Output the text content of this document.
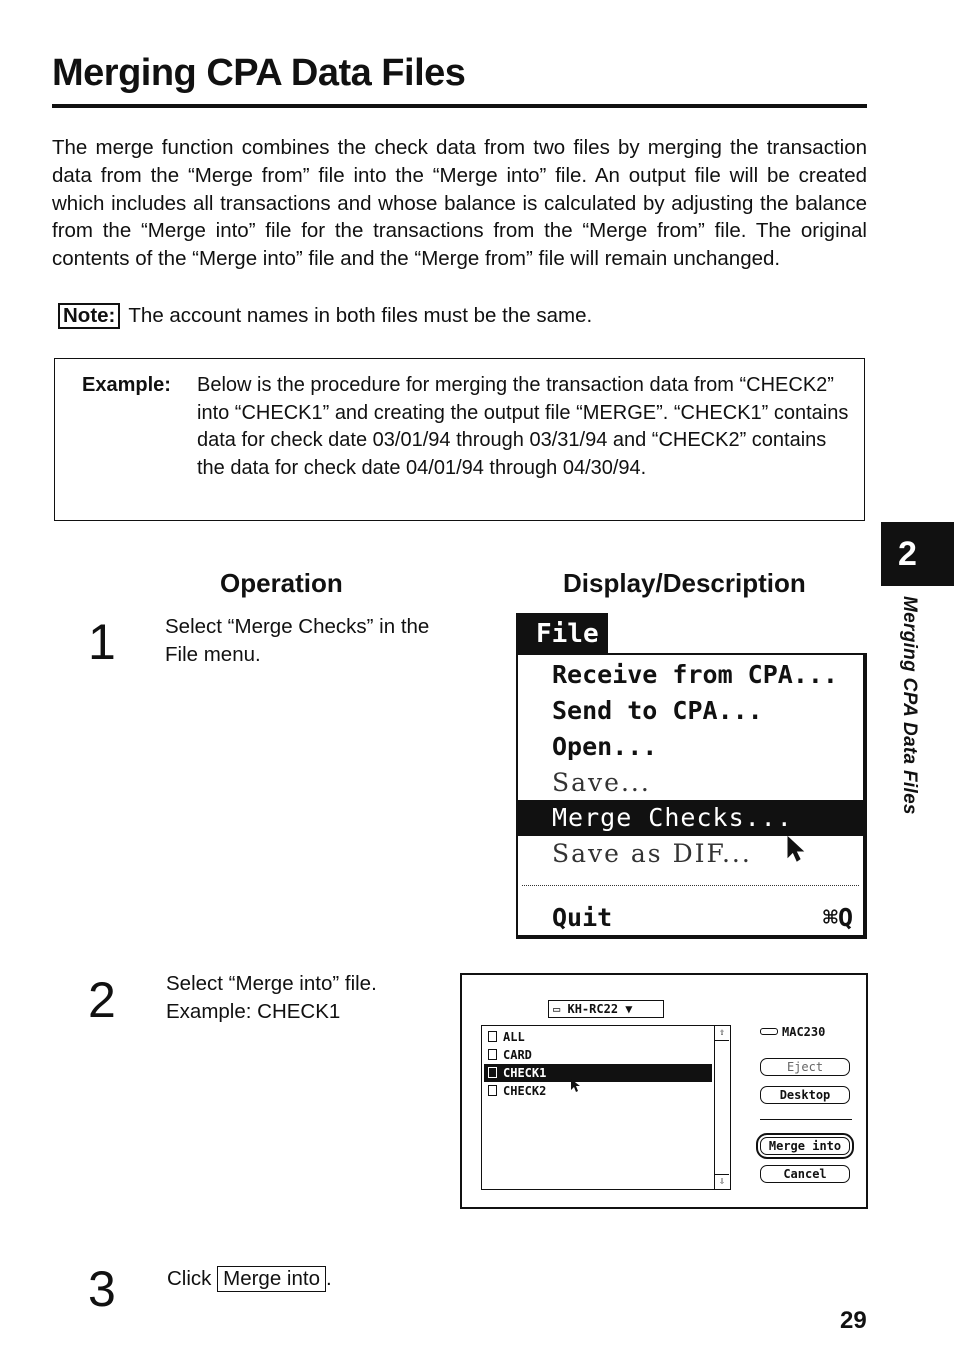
Merging CPA Data Files

The merge function combines the check data from two files by merging the transaction data from the “Merge from” file into the “Merge into” file. An output file will be created which includes all transactions and whose balance is calculated by adjusting the balance from the “Merge into” file for the transactions from the “Merge from” file. The original contents of the “Merge into” file and the “Merge from” file will remain unchanged.

Note: The account names in both files must be the same.
Example: Below is the procedure for merging the transaction data from “CHECK2” into “CHECK1” and creating the output file “MERGE”. “CHECK1” contains data for check date 03/01/94 through 03/31/94 and “CHECK2” contains the data for check date 04/01/94 through 04/30/94.

2
Merging CPA Data Files
Operation	Display/Description
1 Select “Merge Checks” in the File menu.
File
Receive from CPA...
Send to CPA...
Open...
Save...
Merge Checks...
Save as DIF...
Quit	⌘Q
2 Select “Merge into” file.
Example: CHECK1	▭ KH-RC22 ▼
ALL
CARD
CHECK1
CHECK2
⇧
⇩
MAC230
Eject
Desktop
Merge into
Cancel
3 Click Merge into .
29
